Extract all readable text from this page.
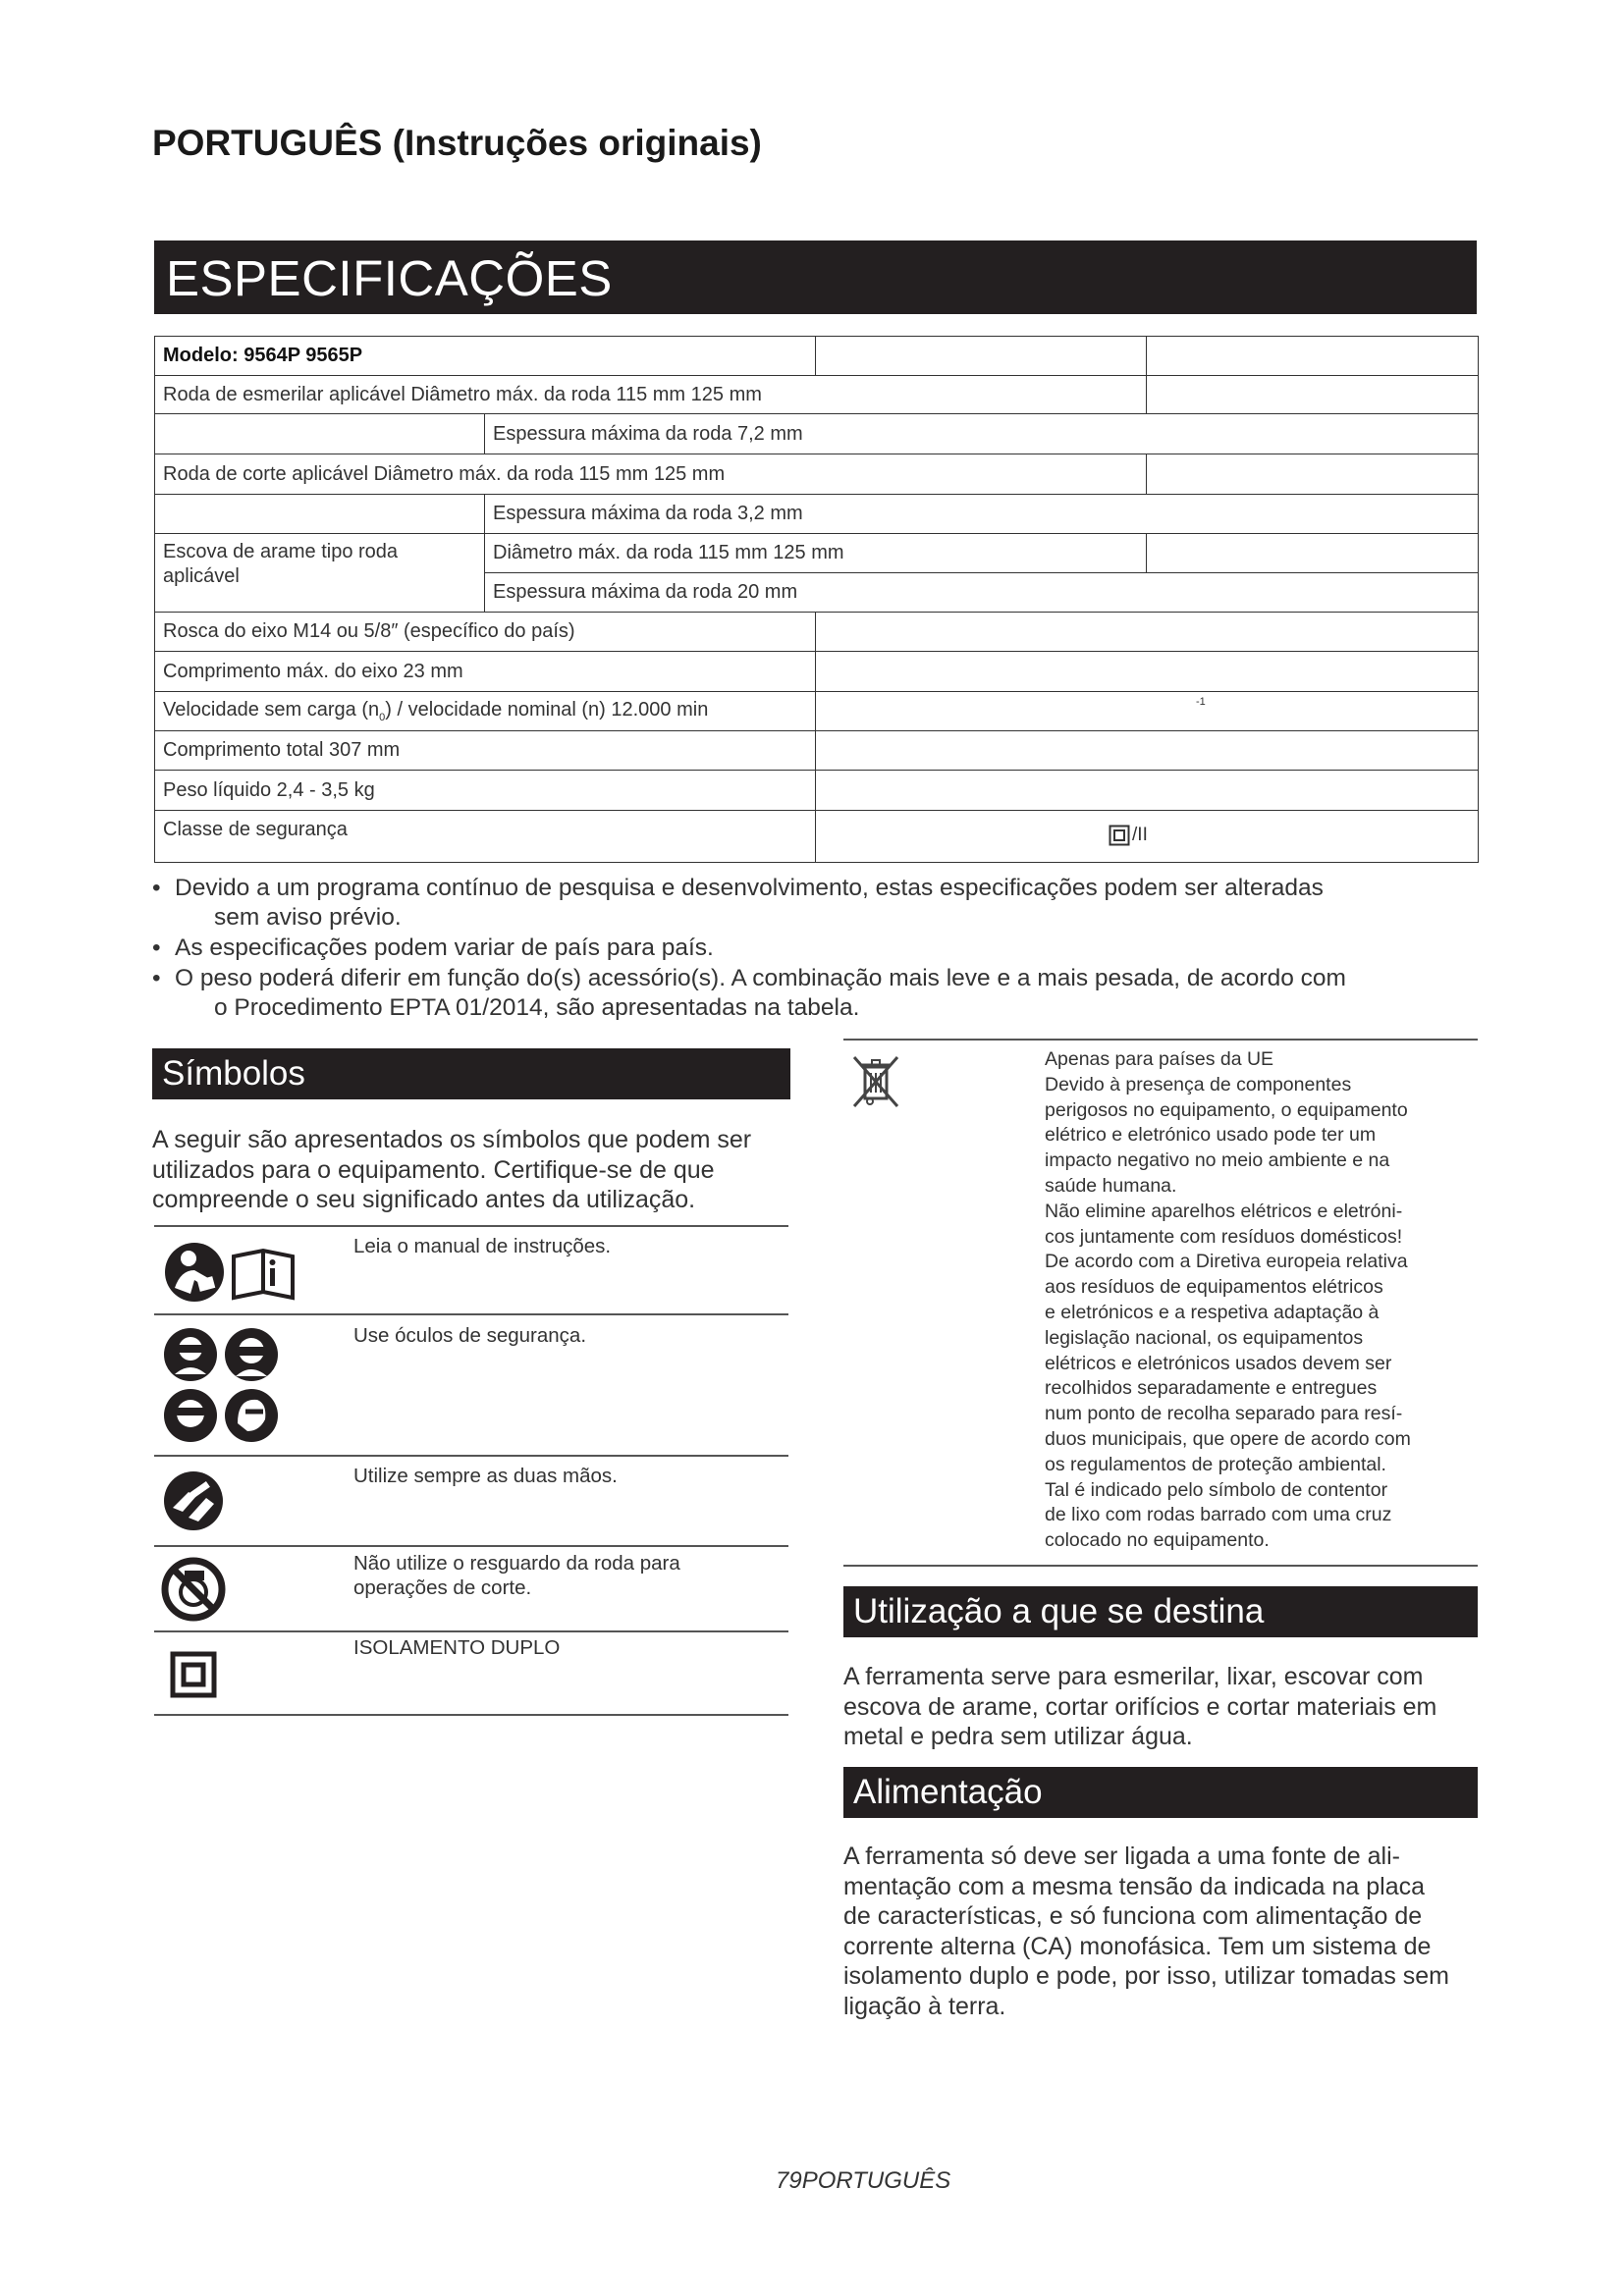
PORTUGUÊS (Instruções originais)
ESPECIFICAÇÕES
Modelo: 9564P 9565P			
Roda de esmerilar aplicável Diâmetro máx. da roda 115 mm 125 mm			
	Espessura máxima da roda 7,2 mm		
Roda de corte aplicável Diâmetro máx. da roda 115 mm 125 mm			
	Espessura máxima da roda 3,2 mm		
Escova de arame tipo roda aplicável	Diâmetro máx. da roda 115 mm 125 mm		
	Espessura máxima da roda 20 mm		
Rosca do eixo M14 ou 5/8″ (específico do país)			
Comprimento máx. do eixo 23 mm			
Velocidade sem carga $(n_0)$ / velocidade nominal (n) 12.000 min		-1	

Comprimento total 307 mm			
Peso líquido 2,4 - 3,5 kg			
Classe de segurança		/II	
• Devido a um programa contínuo de pesquisa e desenvolvimento, estas especificações podem ser alteradas
sem aviso prévio.
• As especificações podem variar de país para país.
• O peso poderá diferir em função do(s) acessório(s). A combinação mais leve e a mais pesada, de acordo com
o Procedimento EPTA 01/2014, são apresentadas na tabela.
Símbolos
A seguir são apresentados os símbolos que podem ser
utilizados para o equipamento. Certifique-se de que
compreende o seu significado antes da utilização.
Leia o manual de instruções.
Use óculos de segurança.
Utilize sempre as duas mãos.
Não utilize o resguardo da roda para
operações de corte.
ISOLAMENTO DUPLO
Apenas para países da UE
Devido à presença de componentes
perigosos no equipamento, o equipamento
elétrico e eletrónico usado pode ter um
impacto negativo no meio ambiente e na
saúde humana.
Não elimine aparelhos elétricos e eletróni-
cos juntamente com resíduos domésticos!
De acordo com a Diretiva europeia relativa
aos resíduos de equipamentos elétricos
e eletrónicos e a respetiva adaptação à
legislação nacional, os equipamentos
elétricos e eletrónicos usados devem ser
recolhidos separadamente e entregues
num ponto de recolha separado para resí-
duos municipais, que opere de acordo com
os regulamentos de proteção ambiental.
Tal é indicado pelo símbolo de contentor
de lixo com rodas barrado com uma cruz
colocado no equipamento.
Utilização a que se destina
A ferramenta serve para esmerilar, lixar, escovar com
escova de arame, cortar orifícios e cortar materiais em
metal e pedra sem utilizar água.
Alimentação
A ferramenta só deve ser ligada a uma fonte de ali-
mentação com a mesma tensão da indicada na placa
de características, e só funciona com alimentação de
corrente alterna (CA) monofásica. Tem um sistema de
isolamento duplo e pode, por isso, utilizar tomadas sem
ligação à terra.
79PORTUGUÊS
